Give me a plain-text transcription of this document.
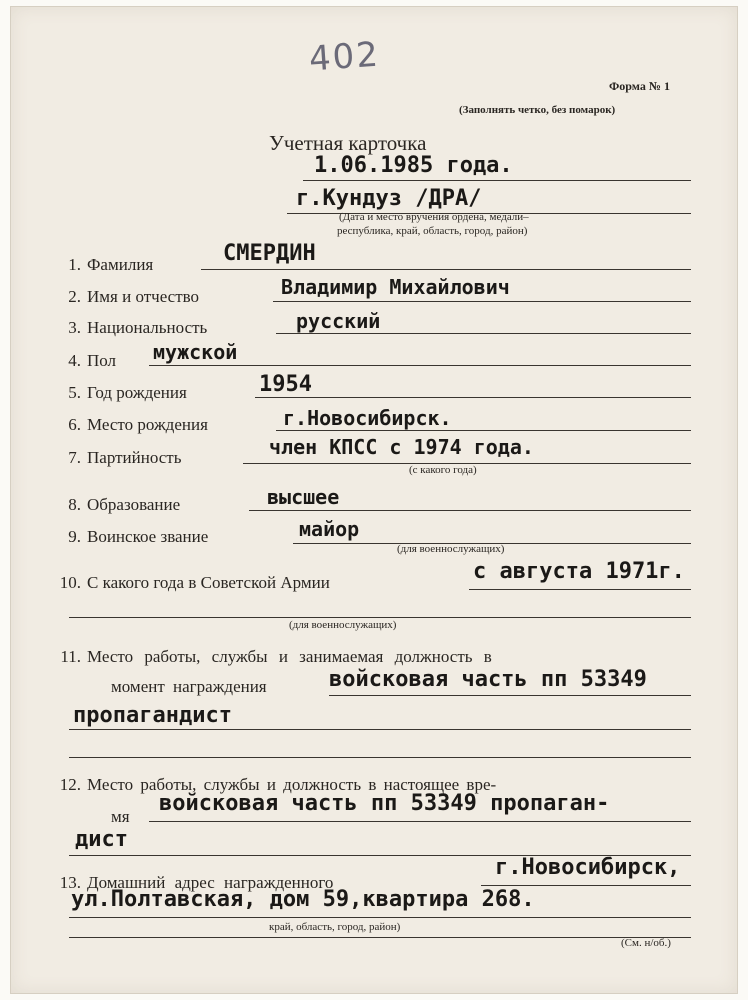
402
Форма № 1
(Заполнять четко, без помарок)
Учетная карточка
1.06.1985 года.
г.Кундуз /ДРА/
(Дата и место вручения ордена, медали–
республика, край, область, город, район)
1. Фамилия	СМЕРДИН
2. Имя и отчество	Владимир Михайлович
3. Национальность	русский
4. Пол мужской
5. Год рождения	1954
6. Место рождения	г.Новосибирск.
7. Партийность	член КПСС с 1974 года.
(с какого года)
8. Образование	высшее
9. Воинское звание	майор
(для военнослужащих)
10. С какого года в Советской Армии	с августа 1971г.
(для военнослужащих)
11. Место работы, службы и занимаемая должность в
момент награждения	войсковая часть пп 53349
пропагандист
12. Место работы, службы и должность в настоящее вре-
мя
войсковая часть пп 53349 пропаган-
дист
13. Домашний адрес награжденного
г.Новосибирск,
ул.Полтавская, дом 59,квартира 268.
край, область, город, район)
(См. н/об.)
